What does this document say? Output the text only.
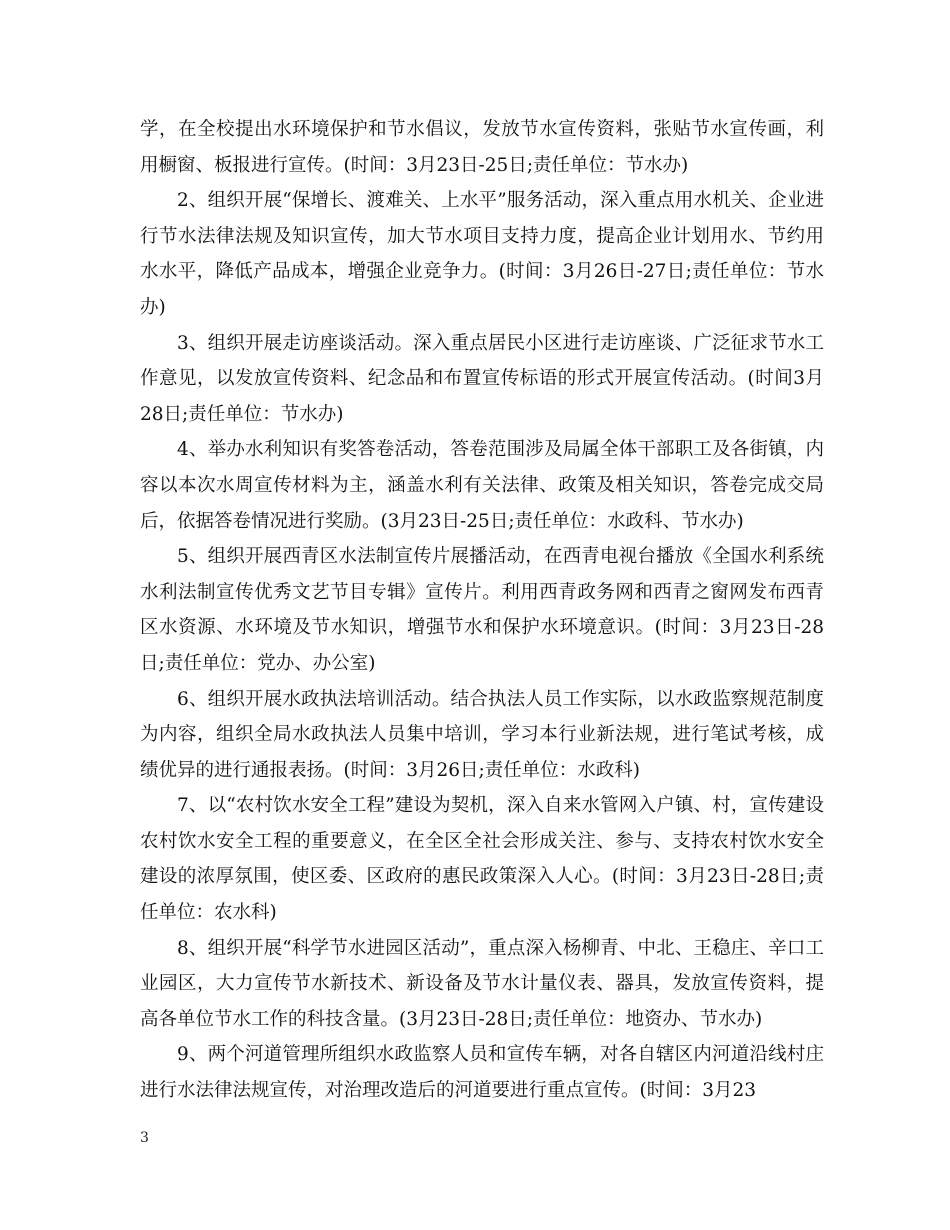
学，在全校提出水环境保护和节水倡议，发放节水宣传资料，张贴节水宣传画，利用橱窗、板报进行宣传。(时间：3月23日-25日;责任单位：节水办)

2、组织开展“保增长、渡难关、上水平”服务活动，深入重点用水机关、企业进行节水法律法规及知识宣传，加大节水项目支持力度，提高企业计划用水、节约用水水平，降低产品成本，增强企业竞争力。(时间：3月26日-27日;责任单位：节水办)

3、组织开展走访座谈活动。深入重点居民小区进行走访座谈、广泛征求节水工作意见，以发放宣传资料、纪念品和布置宣传标语的形式开展宣传活动。(时间3月28日;责任单位：节水办)

4、举办水利知识有奖答卷活动，答卷范围涉及局属全体干部职工及各街镇，内容以本次水周宣传材料为主，涵盖水利有关法律、政策及相关知识，答卷完成交局后，依据答卷情况进行奖励。(3月23日-25日;责任单位：水政科、节水办)

5、组织开展西青区水法制宣传片展播活动，在西青电视台播放《全国水利系统水利法制宣传优秀文艺节目专辑》宣传片。利用西青政务网和西青之窗网发布西青区水资源、水环境及节水知识，增强节水和保护水环境意识。(时间：3月23日-28日;责任单位：党办、办公室)

6、组织开展水政执法培训活动。结合执法人员工作实际，以水政监察规范制度为内容，组织全局水政执法人员集中培训，学习本行业新法规，进行笔试考核，成绩优异的进行通报表扬。(时间：3月26日;责任单位：水政科)

7、以“农村饮水安全工程”建设为契机，深入自来水管网入户镇、村，宣传建设农村饮水安全工程的重要意义，在全区全社会形成关注、参与、支持农村饮水安全建设的浓厚氛围，使区委、区政府的惠民政策深入人心。(时间：3月23日-28日;责任单位：农水科)

8、组织开展“科学节水进园区活动”，重点深入杨柳青、中北、王稳庄、辛口工业园区，大力宣传节水新技术、新设备及节水计量仪表、器具，发放宣传资料，提高各单位节水工作的科技含量。(3月23日-28日;责任单位：地资办、节水办)

9、两个河道管理所组织水政监察人员和宣传车辆，对各自辖区内河道沿线村庄进行水法律法规宣传，对治理改造后的河道要进行重点宣传。(时间：3月23

3
